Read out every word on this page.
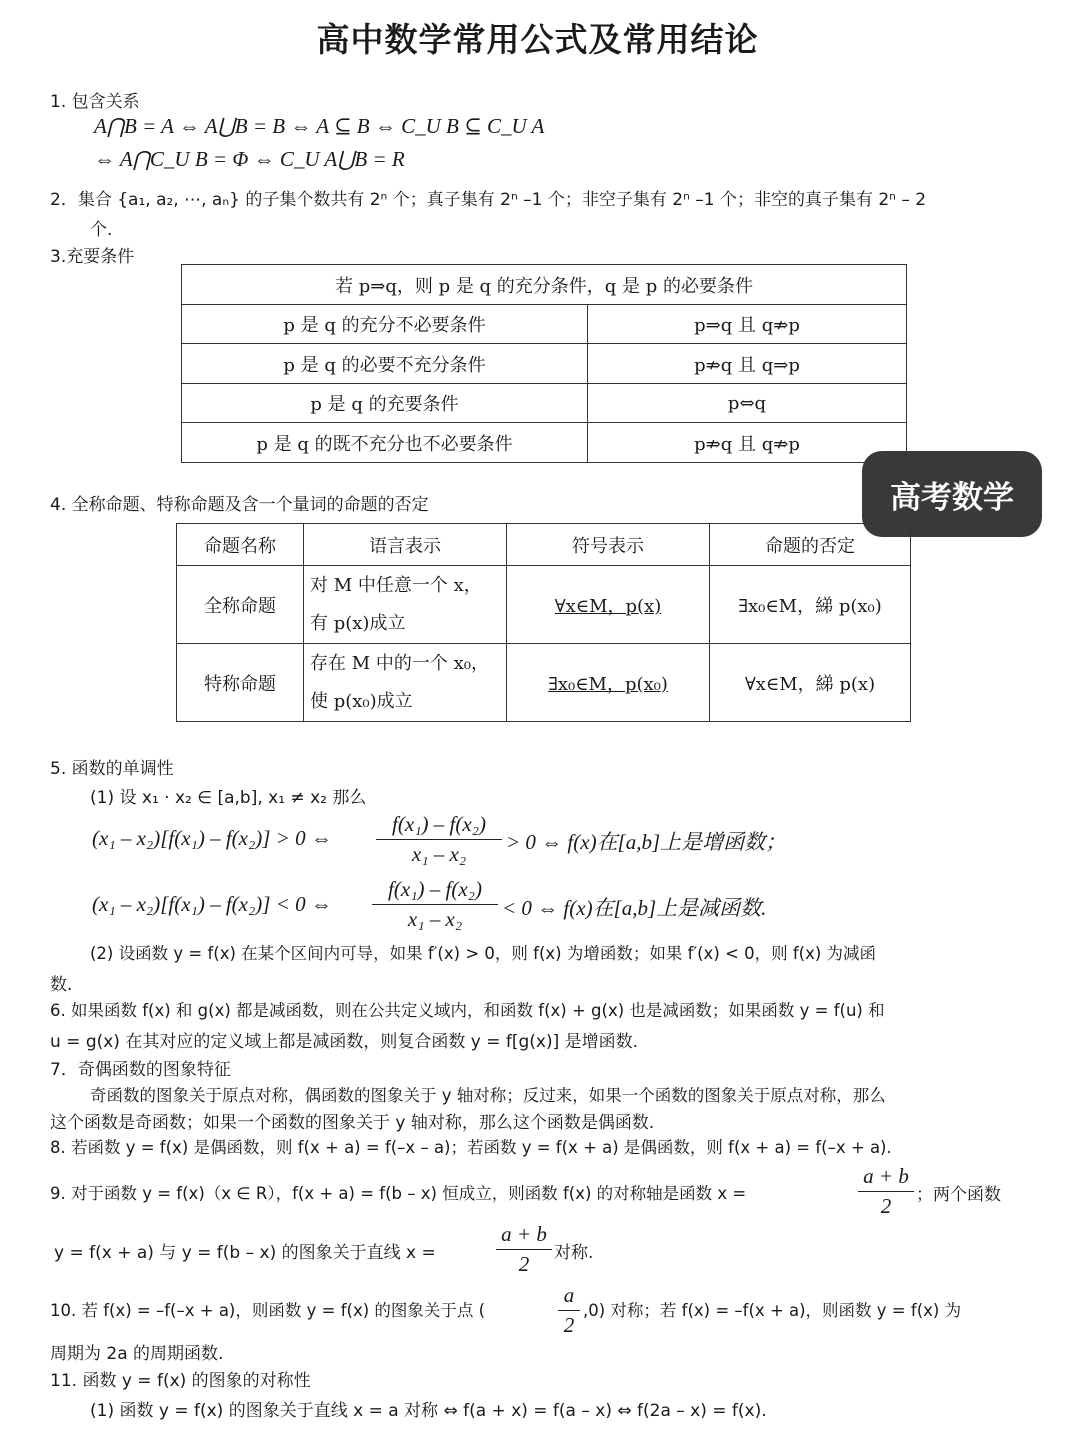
高中数学常用公式及常用结论
1. 包含关系
A⋂B = A ⇔ A⋃B = B ⇔ A ⊆ B ⇔ C_U B ⊆ C_U A
⇔ A⋂C_U B = Φ ⇔ C_U A⋃B = R
2．集合 {a₁, a₂, ⋯, aₙ} 的子集个数共有 2ⁿ 个；真子集有 2ⁿ –1 个；非空子集有 2ⁿ –1 个；非空的真子集有 2ⁿ – 2
个.
3.充要条件
若 p⇒q，则 p 是 q 的充分条件，q 是 p 的必要条件	
p 是 q 的充分不必要条件	p⇒q 且 q⇏p
p 是 q 的必要不充分条件	p⇏q 且 q⇒p
p 是 q 的充要条件	p⇔q
p 是 q 的既不充分也不必要条件	p⇏q 且 q⇏p
高考数学
4. 全称命题、特称命题及含一个量词的命题的否定
命题名称	语言表示	符号表示	命题的否定
全称命题	对 M 中任意一个 x，
有 p(x)成立	∀x∈M，p(x)	∃x₀∈M，綈 p(x₀)
特称命题	存在 M 中的一个 x₀，
使 p(x₀)成立	∃x₀∈M，p(x₀)	∀x∈M，綈 p(x)
5. 函数的单调性
(1) 设 x₁ · x₂ ∈ [a,b], x₁ ≠ x₂ 那么
(x₁ – x₂)[f(x₁) – f(x₂)] > 0 ⇔
f(x₁) – f(x₂)
x₁ – x₂	> 0 ⇔ f(x)在[a,b]上是增函数；
(x₁ – x₂)[f(x₁) – f(x₂)] < 0 ⇔
f(x₁) – f(x₂)
x₁ – x₂	< 0 ⇔ f(x)在[a,b]上是减函数.
(2) 设函数 y = f(x) 在某个区间内可导，如果 f′(x) > 0，则 f(x) 为增函数；如果 f′(x) < 0，则 f(x) 为减函
数.
6. 如果函数 f(x) 和 g(x) 都是减函数，则在公共定义域内，和函数 f(x) + g(x) 也是减函数；如果函数 y = f(u) 和
u = g(x) 在其对应的定义域上都是减函数，则复合函数 y = f[g(x)] 是增函数.
7．奇偶函数的图象特征
奇函数的图象关于原点对称，偶函数的图象关于 y 轴对称；反过来，如果一个函数的图象关于原点对称，那么
这个函数是奇函数；如果一个函数的图象关于 y 轴对称，那么这个函数是偶函数.
8. 若函数 y = f(x) 是偶函数，则 f(x + a) = f(–x – a)；若函数 y = f(x + a) 是偶函数，则 f(x + a) = f(–x + a).
9. 对于函数 y = f(x)（x ∈ R），f(x + a) = f(b – x) 恒成立，则函数 f(x) 的对称轴是函数 x =
a + b
2	；两个函数
y = f(x + a) 与 y = f(b – x) 的图象关于直线 x =
a + b
2	对称.
10. 若 f(x) = –f(–x + a)，则函数 y = f(x) 的图象关于点 (
a
2
,0) 对称；若 f(x) = –f(x + a)，则函数 y = f(x) 为
周期为 2a 的周期函数.
11. 函数 y = f(x) 的图象的对称性
(1) 函数 y = f(x) 的图象关于直线 x = a 对称 ⇔ f(a + x) = f(a – x) ⇔ f(2a – x) = f(x).
